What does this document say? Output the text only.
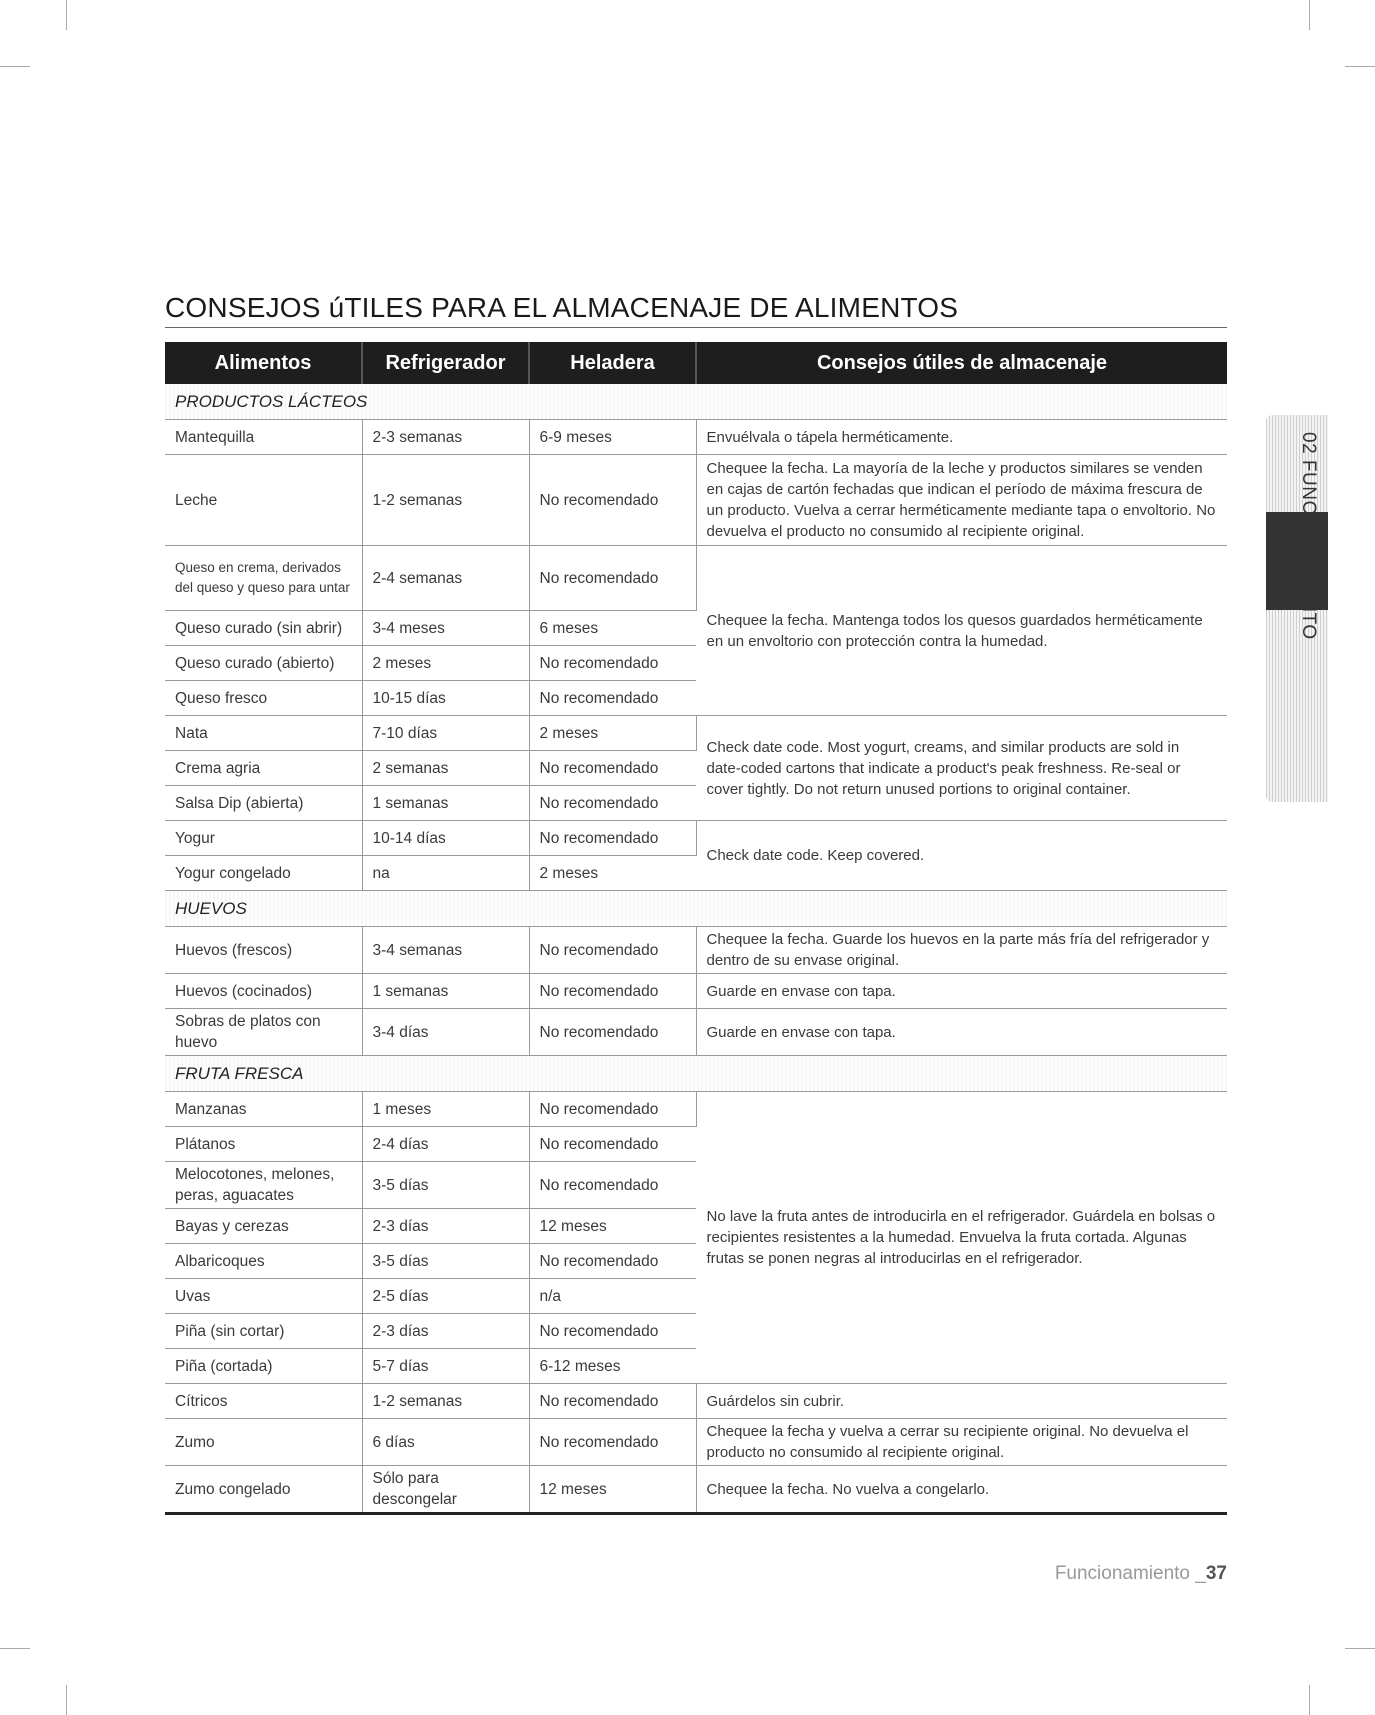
CONSEJOS úTILES PARA EL ALMACENAJE DE ALIMENTOS
Alimentos	Refrigerador	Heladera	Consejos útiles de almacenaje
PRODUCTOS LÁCTEOS			
Mantequilla	2-3 semanas	6-9 meses	Envuélvala o tápela herméticamente.
Leche	1-2 semanas	No recomendado	Chequee la fecha. La mayoría de la leche y productos similares se venden en cajas de cartón fechadas que indican el período de máxima frescura de un producto. Vuelva a cerrar herméticamente mediante tapa o envoltorio. No devuelva el producto no consumido al recipiente original.
Queso en crema, derivados del queso y queso para untar	2-4 semanas	No recomendado	Chequee la fecha. Mantenga todos los quesos guardados herméticamente en un envoltorio con protección contra la humedad.
Queso curado (sin abrir)	3-4 meses	6 meses	
Queso curado (abierto)	2 meses	No recomendado	
Queso fresco	10-15 días	No recomendado	
Nata	7-10 días	2 meses	Check date code. Most yogurt, creams, and similar products are sold in date-coded cartons that indicate a product's peak freshness. Re-seal or cover tightly. Do not return unused portions to original container.
Crema agria	2 semanas	No recomendado	
Salsa Dip (abierta)	1 semanas	No recomendado	
Yogur	10-14 días	No recomendado	Check date code. Keep covered.
Yogur congelado	na	2 meses	
HUEVOS			
Huevos (frescos)	3-4 semanas	No recomendado	Chequee la fecha. Guarde los huevos en la parte más fría del refrigerador y dentro de su envase original.
Huevos (cocinados)	1 semanas	No recomendado	Guarde en envase con tapa.
Sobras de platos con huevo	3-4 días	No recomendado	Guarde en envase con tapa.
FRUTA FRESCA			
Manzanas	1 meses	No recomendado	No lave la fruta antes de introducirla en el refrigerador. Guárdela en bolsas o recipientes resistentes a la humedad. Envuelva la fruta cortada. Algunas frutas se ponen negras al introducirlas en el refrigerador.
Plátanos	2-4 días	No recomendado	
Melocotones, melones, peras, aguacates	3-5 días	No recomendado	
Bayas y cerezas	2-3 días	12 meses	
Albaricoques	3-5 días	No recomendado	
Uvas	2-5 días	n/a	
Piña (sin cortar)	2-3 días	No recomendado	
Piña (cortada)	5-7 días	6-12 meses	
Cítricos	1-2 semanas	No recomendado	Guárdelos sin cubrir.
Zumo	6 días	No recomendado	Chequee la fecha y vuelva a cerrar su recipiente original. No devuelva el producto no consumido al recipiente original.
Zumo congelado	Sólo para descongelar	12 meses	Chequee la fecha. No vuelva a congelarlo.
02 FUNCIONAMIENTO
Funcionamiento _37
